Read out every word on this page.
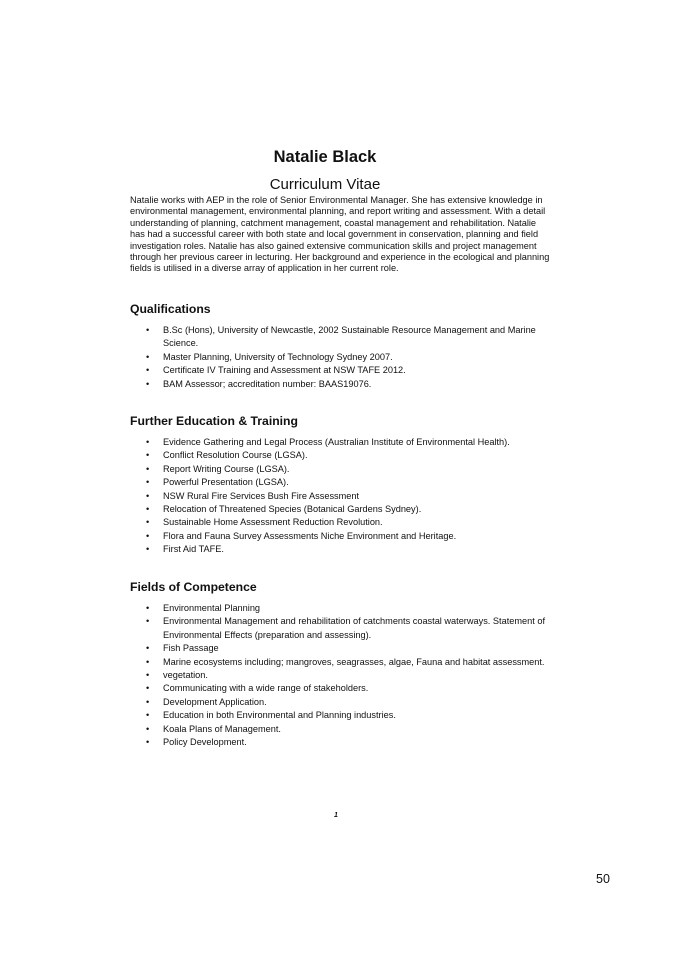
Natalie Black
Curriculum Vitae

Natalie works with AEP in the role of Senior Environmental Manager. She has extensive knowledge in environmental management, environmental planning, and report writing and assessment. With a detail understanding of planning, catchment management, coastal management and rehabilitation. Natalie has had a successful career with both state and local government in conservation, planning and field investigation roles. Natalie has also gained extensive communication skills and project management through her previous career in lecturing. Her background and experience in the ecological and planning fields is utilised in a diverse array of application in her current role.

Qualifications
• B.Sc (Hons), University of Newcastle, 2002 Sustainable Resource Management and Marine Science.
• Master Planning, University of Technology Sydney 2007.
• Certificate IV Training and Assessment at NSW TAFE 2012.
• BAM Assessor; accreditation number: BAAS19076.
Further Education & Training
• Evidence Gathering and Legal Process (Australian Institute of Environmental Health).
• Conflict Resolution Course (LGSA).
• Report Writing Course (LGSA).
• Powerful Presentation (LGSA).
• NSW Rural Fire Services Bush Fire Assessment
• Relocation of Threatened Species (Botanical Gardens Sydney).
• Sustainable Home Assessment Reduction Revolution.
• Flora and Fauna Survey Assessments Niche Environment and Heritage.
• First Aid TAFE.
Fields of Competence
• Environmental Planning
• Environmental Management and rehabilitation of catchments coastal waterways. Statement of Environmental Effects (preparation and assessing).
• Fish Passage
• Marine ecosystems including; mangroves, seagrasses, algae, Fauna and habitat assessment.
• vegetation.
• Communicating with a wide range of stakeholders.
• Development Application.
• Education in both Environmental and Planning industries.
• Koala Plans of Management.
• Policy Development.
1
50
